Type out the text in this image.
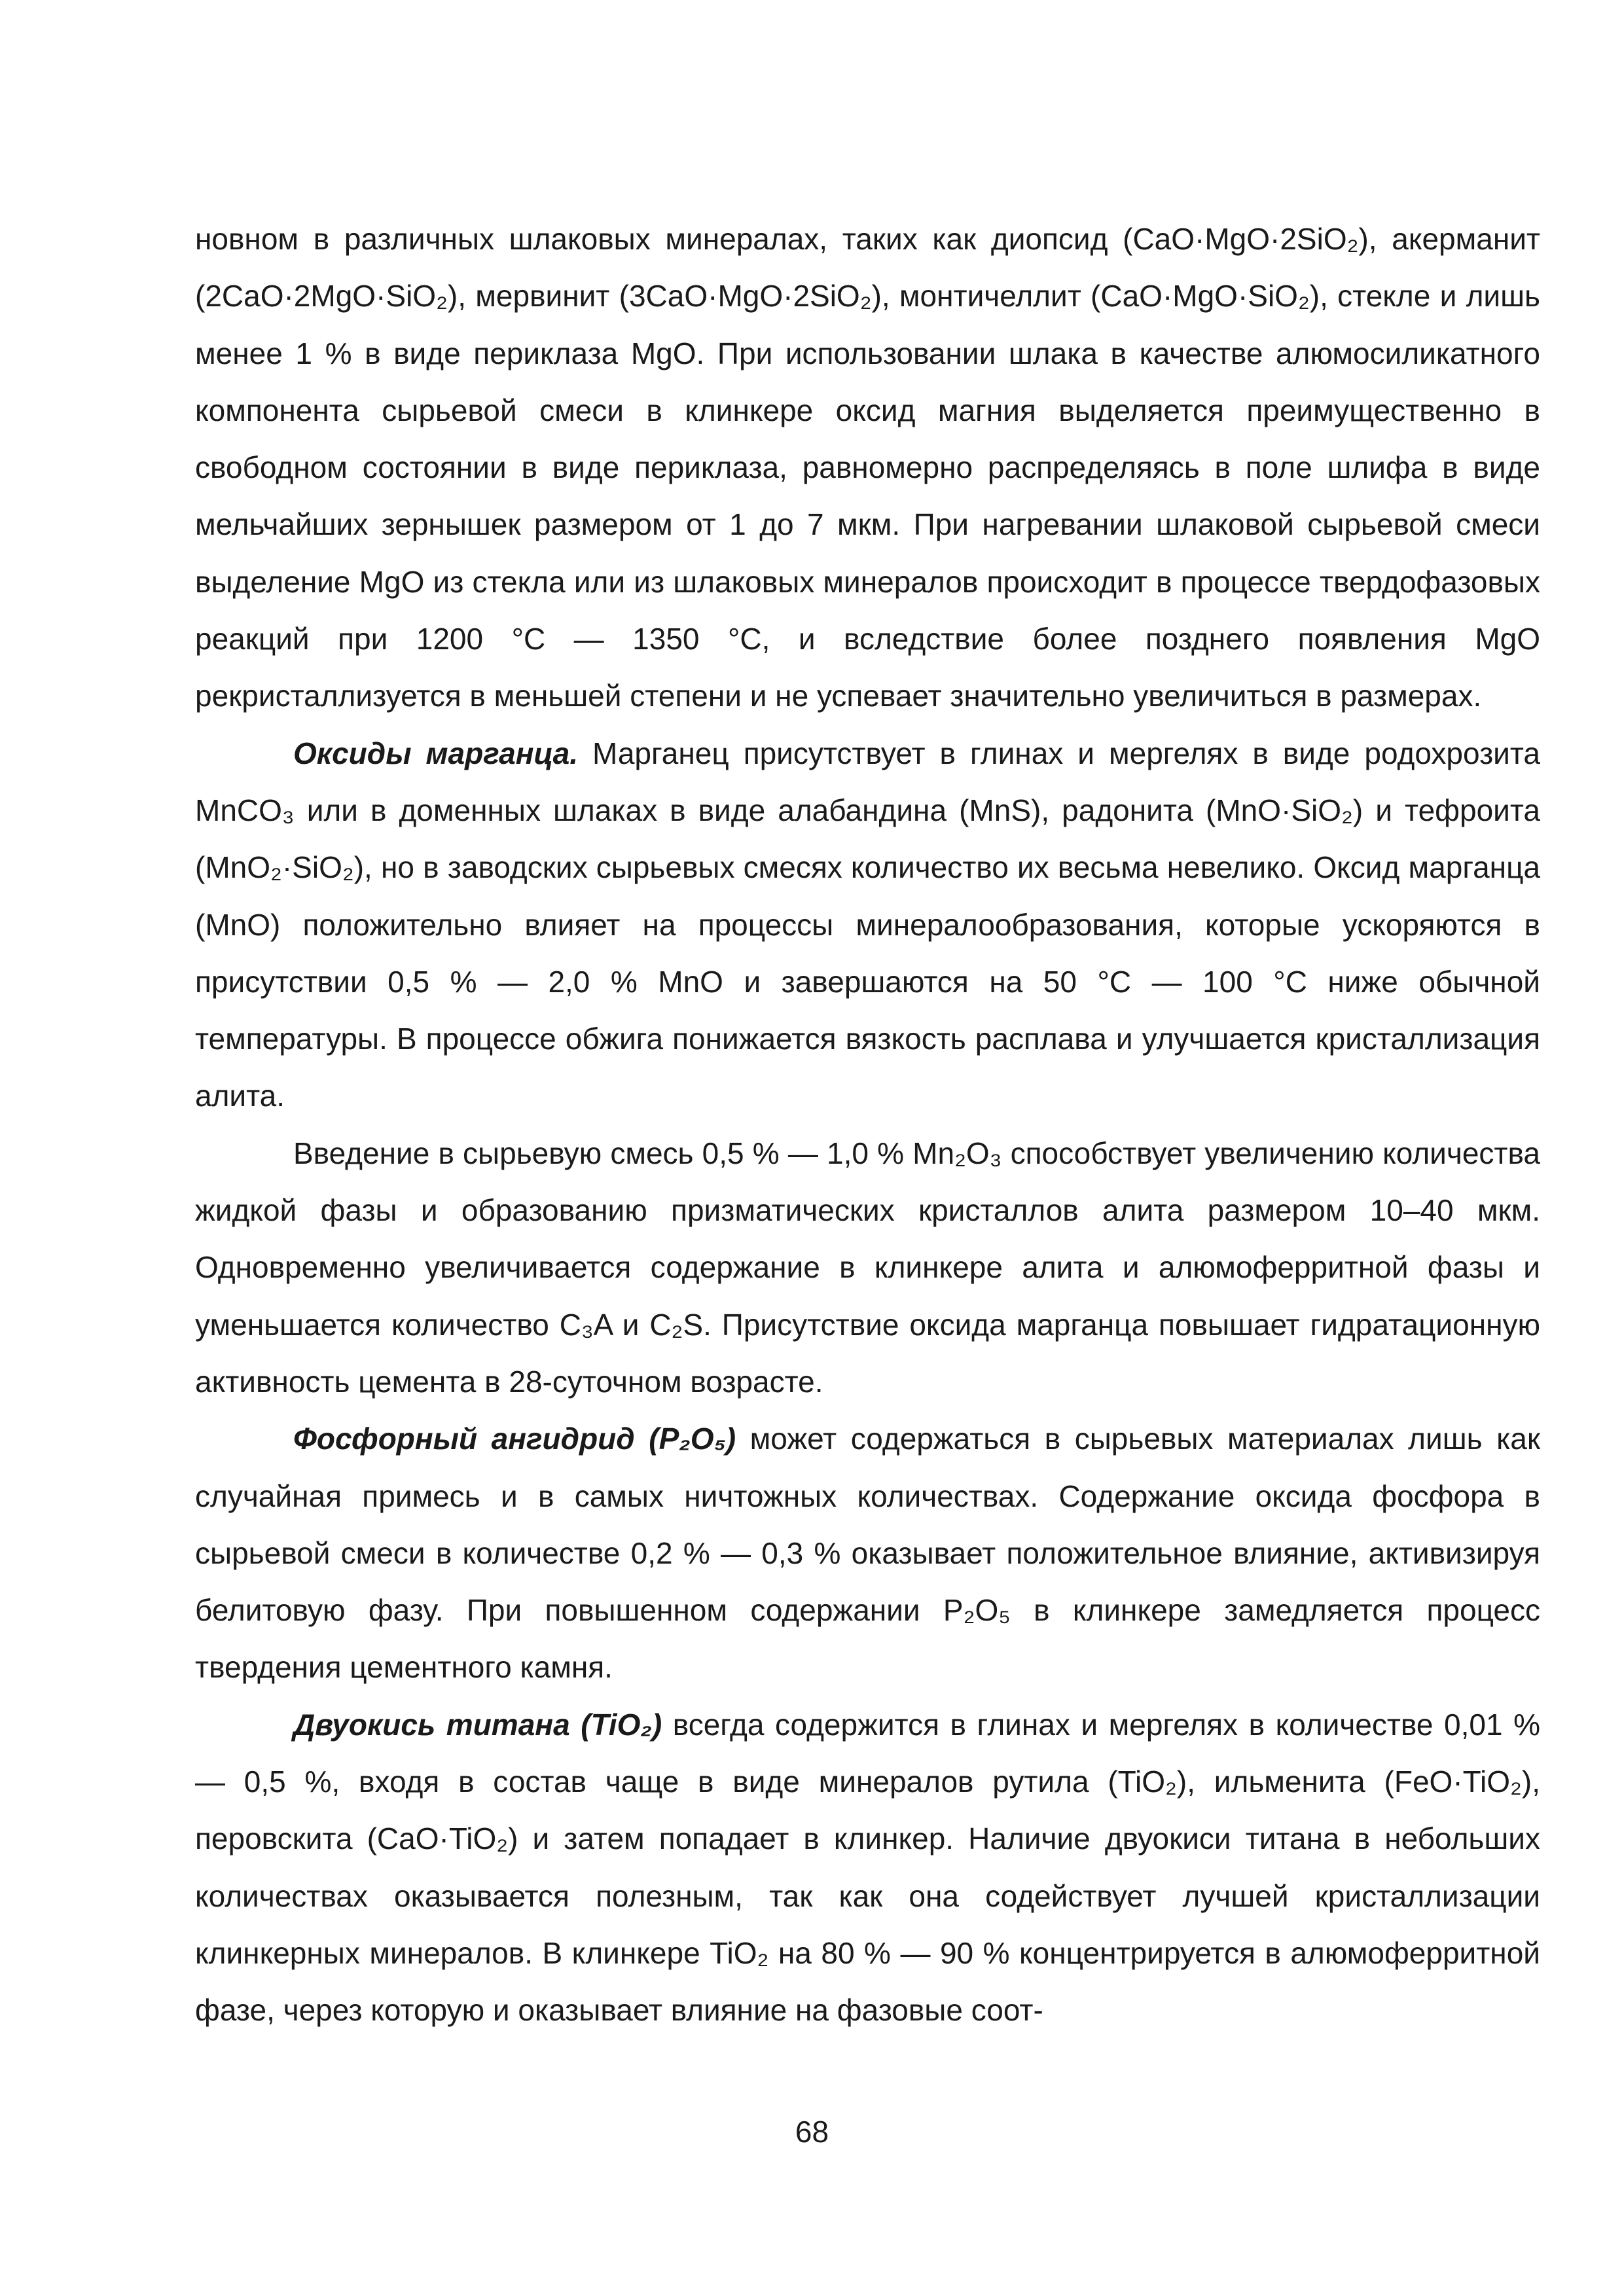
новном в различных шлаковых минералах, таких как диопсид (CaO·MgO·2SiO₂), акерманит (2CaO·2MgO·SiO₂), мервинит (3CaO·MgO·2SiO₂), монтичеллит (CaO·MgO·SiO₂), стекле и лишь менее 1 % в виде периклаза MgO. При использовании шлака в качестве алюмосиликатного компонента сырьевой смеси в клинкере оксид магния выделяется преимущественно в свободном состоянии в виде периклаза, равномерно распределяясь в поле шлифа в виде мельчайших зернышек размером от 1 до 7 мкм. При нагревании шлаковой сырьевой смеси выделение MgO из стекла или из шлаковых минералов происходит в процессе твердофазовых реакций при 1200 °С — 1350 °С, и вследствие более позднего появления MgO рекристаллизуется в меньшей степени и не успевает значительно увеличиться в размерах.

Оксиды марганца. Марганец присутствует в глинах и мергелях в виде родохрозита MnCO₃ или в доменных шлаках в виде алабандина (MnS), радонита (MnO·SiO₂) и тефроита (MnO₂·SiO₂), но в заводских сырьевых смесях количество их весьма невелико. Оксид марганца (MnO) положительно влияет на процессы минералообразования, которые ускоряются в присутствии 0,5 % — 2,0 % MnO и завершаются на 50 °С — 100 °С ниже обычной температуры. В процессе обжига понижается вязкость расплава и улучшается кристаллизация алита.

Введение в сырьевую смесь 0,5 % — 1,0 % Mn₂O₃ способствует увеличению количества жидкой фазы и образованию призматических кристаллов алита размером 10–40 мкм. Одновременно увеличивается содержание в клинкере алита и алюмоферритной фазы и уменьшается количество C₃A и C₂S. Присутствие оксида марганца повышает гидратационную активность цемента в 28-суточном возрасте.

Фосфорный ангидрид (P₂O₅) может содержаться в сырьевых материалах лишь как случайная примесь и в самых ничтожных количествах. Содержание оксида фосфора в сырьевой смеси в количестве 0,2 % — 0,3 % оказывает положительное влияние, активизируя белитовую фазу. При повышенном содержании P₂O₅ в клинкере замедляется процесс твердения цементного камня.

Двуокись титана (TiO₂) всегда содержится в глинах и мергелях в количестве 0,01 % — 0,5 %, входя в состав чаще в виде минералов рутила (TiO₂), ильменита (FeO·TiO₂), перовскита (CaO·TiO₂) и затем попадает в клинкер. Наличие двуокиси титана в небольших количествах оказывается полезным, так как она содействует лучшей кристаллизации клинкерных минералов. В клинкере TiO₂ на 80 % — 90 % концентрируется в алюмоферритной фазе, через которую и оказывает влияние на фазовые соот-

68
